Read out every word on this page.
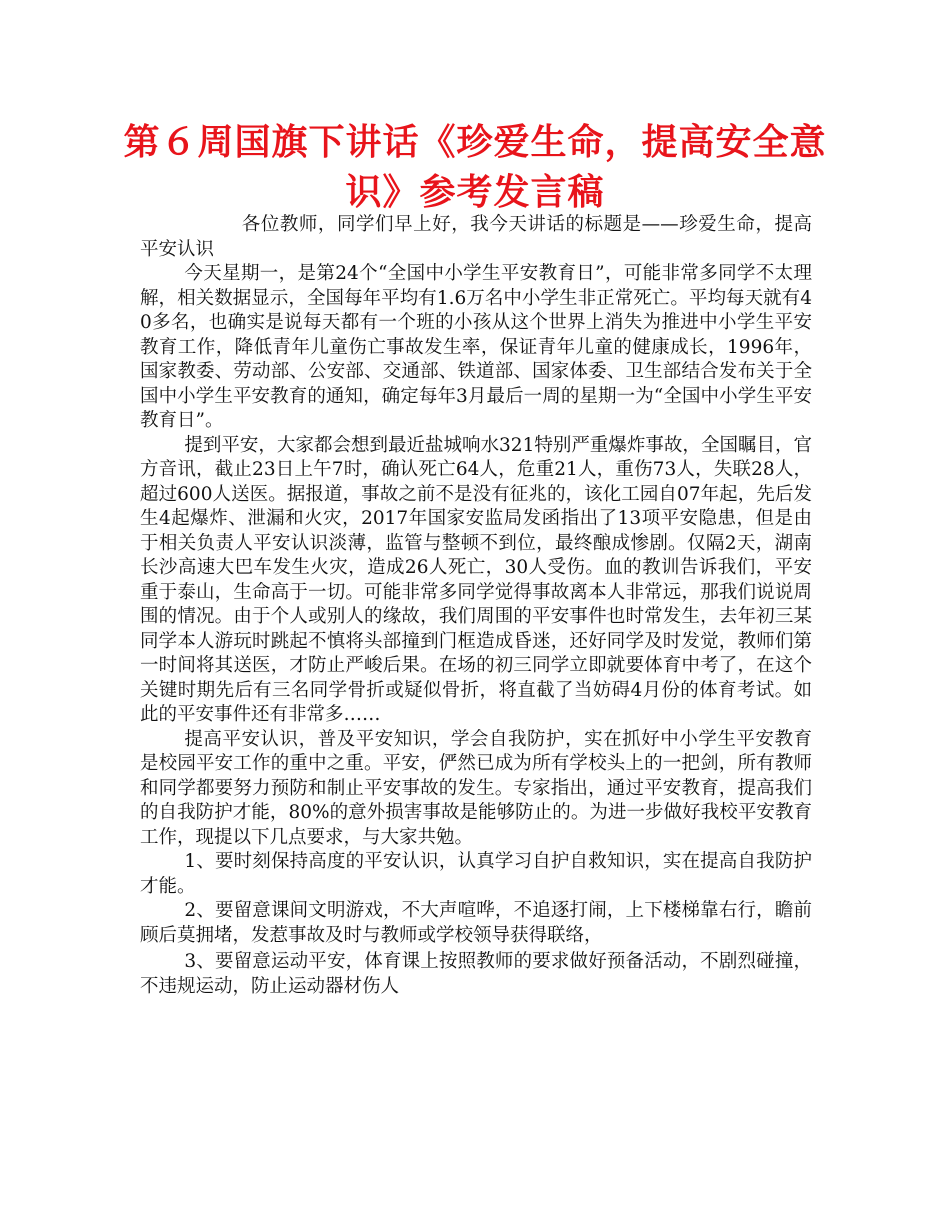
第６周国旗下讲话《珍爱生命，提高安全意识》参考发言稿

各位教师，同学们早上好，我今天讲话的标题是——珍爱生命，提高平安认识

今天星期一，是第24个“全国中小学生平安教育日”，可能非常多同学不太理解，相关数据显示，全国每年平均有1.6万名中小学生非正常死亡。平均每天就有40多名，也确实是说每天都有一个班的小孩从这个世界上消失为推进中小学生平安教育工作，降低青年儿童伤亡事故发生率，保证青年儿童的健康成长，1996年，国家教委、劳动部、公安部、交通部、铁道部、国家体委、卫生部结合发布关于全国中小学生平安教育的通知，确定每年3月最后一周的星期一为“全国中小学生平安教育日”。

提到平安，大家都会想到最近盐城响水321特别严重爆炸事故，全国瞩目，官方音讯，截止23日上午7时，确认死亡64人，危重21人，重伤73人，失联28人，超过600人送医。据报道，事故之前不是没有征兆的，该化工园自07年起，先后发生4起爆炸、泄漏和火灾，2017年国家安监局发函指出了13项平安隐患，但是由于相关负责人平安认识淡薄，监管与整顿不到位，最终酿成惨剧。仅隔2天，湖南长沙高速大巴车发生火灾，造成26人死亡，30人受伤。血的教训告诉我们，平安重于泰山，生命高于一切。可能非常多同学觉得事故离本人非常远，那我们说说周围的情况。由于个人或别人的缘故，我们周围的平安事件也时常发生，去年初三某同学本人游玩时跳起不慎将头部撞到门框造成昏迷，还好同学及时发觉，教师们第一时间将其送医，才防止严峻后果。在场的初三同学立即就要体育中考了，在这个关键时期先后有三名同学骨折或疑似骨折，将直截了当妨碍4月份的体育考试。如此的平安事件还有非常多……

提高平安认识，普及平安知识，学会自我防护，实在抓好中小学生平安教育是校园平安工作的重中之重。平安，俨然已成为所有学校头上的一把剑，所有教师和同学都要努力预防和制止平安事故的发生。专家指出，通过平安教育，提高我们的自我防护才能，80%的意外损害事故是能够防止的。为进一步做好我校平安教育工作，现提以下几点要求，与大家共勉。

1、要时刻保持高度的平安认识，认真学习自护自救知识，实在提高自我防护才能。

2、要留意课间文明游戏，不大声喧哗，不追逐打闹，上下楼梯靠右行，瞻前顾后莫拥堵，发惹事故及时与教师或学校领导获得联络，

3、要留意运动平安，体育课上按照教师的要求做好预备活动，不剧烈碰撞，不违规运动，防止运动器材伤人
